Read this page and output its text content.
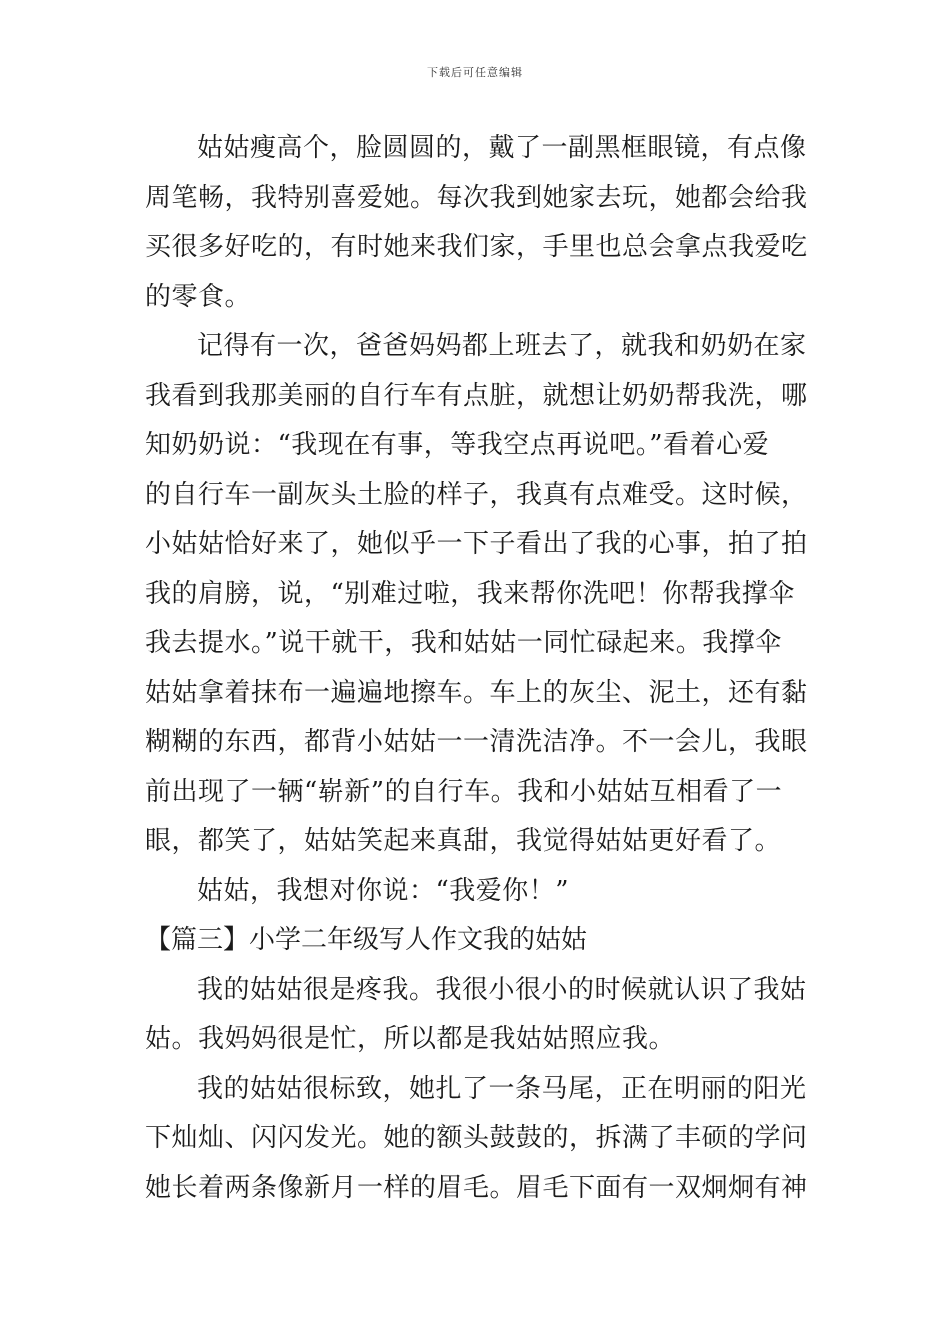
下载后可任意编辑
姑姑瘦高个，脸圆圆的，戴了一副黑框眼镜，有点像
周笔畅，我特别喜爱她。每次我到她家去玩，她都会给我
买很多好吃的，有时她来我们家，手里也总会拿点我爱吃
的零食。
记得有一次，爸爸妈妈都上班去了，就我和奶奶在家
我看到我那美丽的自行车有点脏，就想让奶奶帮我洗，哪
知奶奶说：“我现在有事，等我空点再说吧。”看着心爱
的自行车一副灰头土脸的样子，我真有点难受。这时候，
小姑姑恰好来了，她似乎一下子看出了我的心事，拍了拍
我的肩膀，说，“别难过啦，我来帮你洗吧！你帮我撑伞
我去提水。”说干就干，我和姑姑一同忙碌起来。我撑伞
姑姑拿着抹布一遍遍地擦车。车上的灰尘、泥土，还有黏
糊糊的东西，都背小姑姑一一清洗洁净。不一会儿，我眼
前出现了一辆“崭新”的自行车。我和小姑姑互相看了一
眼，都笑了，姑姑笑起来真甜，我觉得姑姑更好看了。
姑姑，我想对你说：“我爱你！”
【篇三】小学二年级写人作文我的姑姑
我的姑姑很是疼我。我很小很小的时候就认识了我姑
姑。我妈妈很是忙，所以都是我姑姑照应我。
我的姑姑很标致，她扎了一条马尾，正在明丽的阳光
下灿灿、闪闪发光。她的额头鼓鼓的，拆满了丰硕的学问
她长着两条像新月一样的眉毛。眉毛下面有一双炯炯有神
